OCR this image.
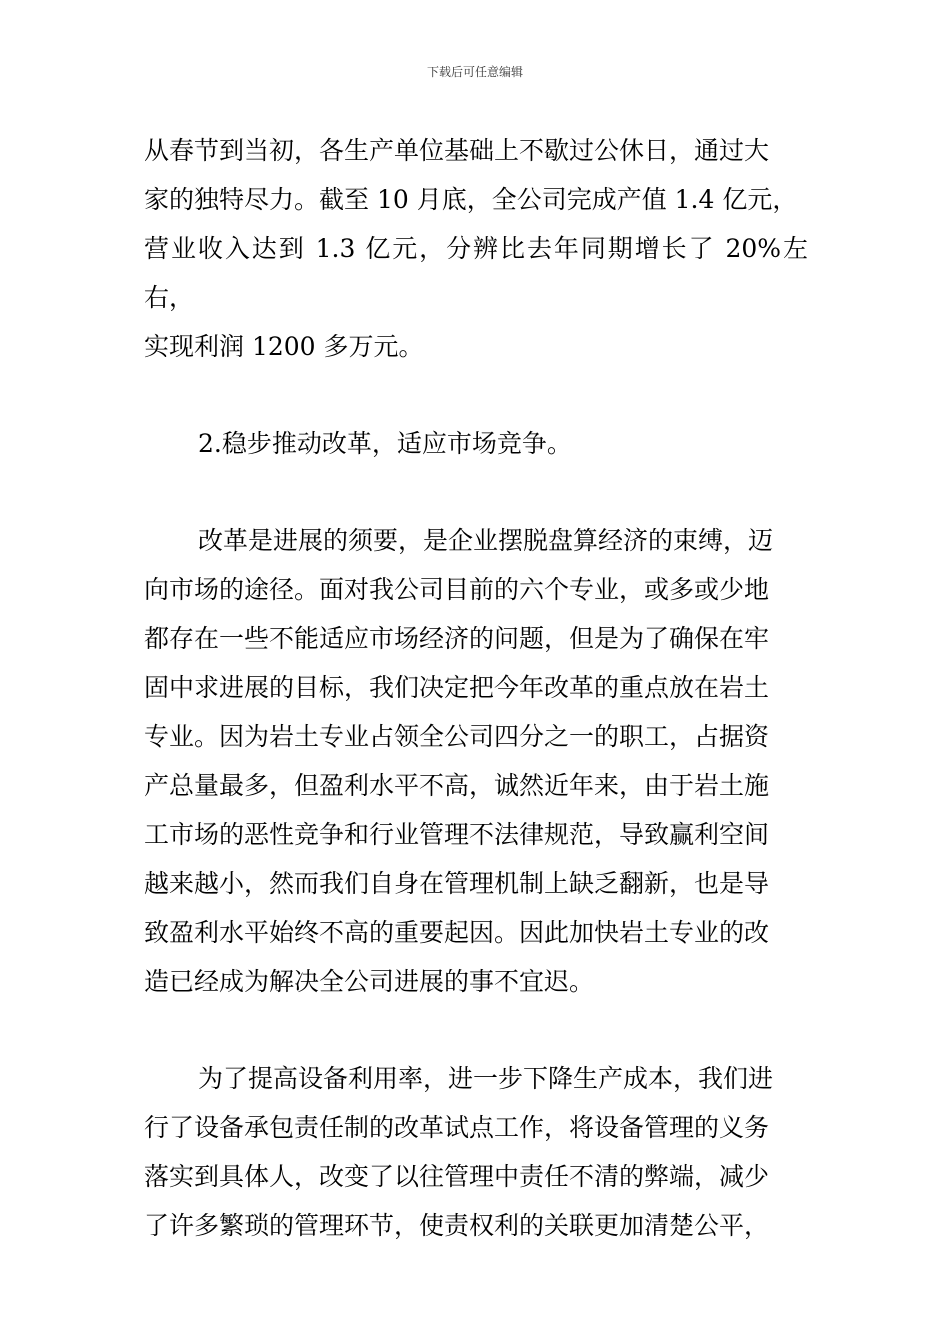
下载后可任意编辑

从春节到当初，各生产单位基础上不歇过公休日，通过大
家的独特尽力。截至 10 月底，全公司完成产值 1.4 亿元，
营业收入达到 1.3 亿元，分辨比去年同期增长了 20%左右，
实现利润 1200 多万元。

2.稳步推动改革，适应市场竞争。

改革是进展的须要，是企业摆脱盘算经济的束缚，迈
向市场的途径。面对我公司目前的六个专业，或多或少地
都存在一些不能适应市场经济的问题，但是为了确保在牢
固中求进展的目标，我们决定把今年改革的重点放在岩土
专业。因为岩土专业占领全公司四分之一的职工，占据资
产总量最多，但盈利水平不高，诚然近年来，由于岩土施
工市场的恶性竞争和行业管理不法律规范，导致赢利空间
越来越小，然而我们自身在管理机制上缺乏翻新，也是导
致盈利水平始终不高的重要起因。因此加快岩土专业的改
造已经成为解决全公司进展的事不宜迟。

为了提高设备利用率，进一步下降生产成本，我们进
行了设备承包责任制的改革试点工作，将设备管理的义务
落实到具体人，改变了以往管理中责任不清的弊端，减少
了许多繁琐的管理环节，使责权利的关联更加清楚公平，
